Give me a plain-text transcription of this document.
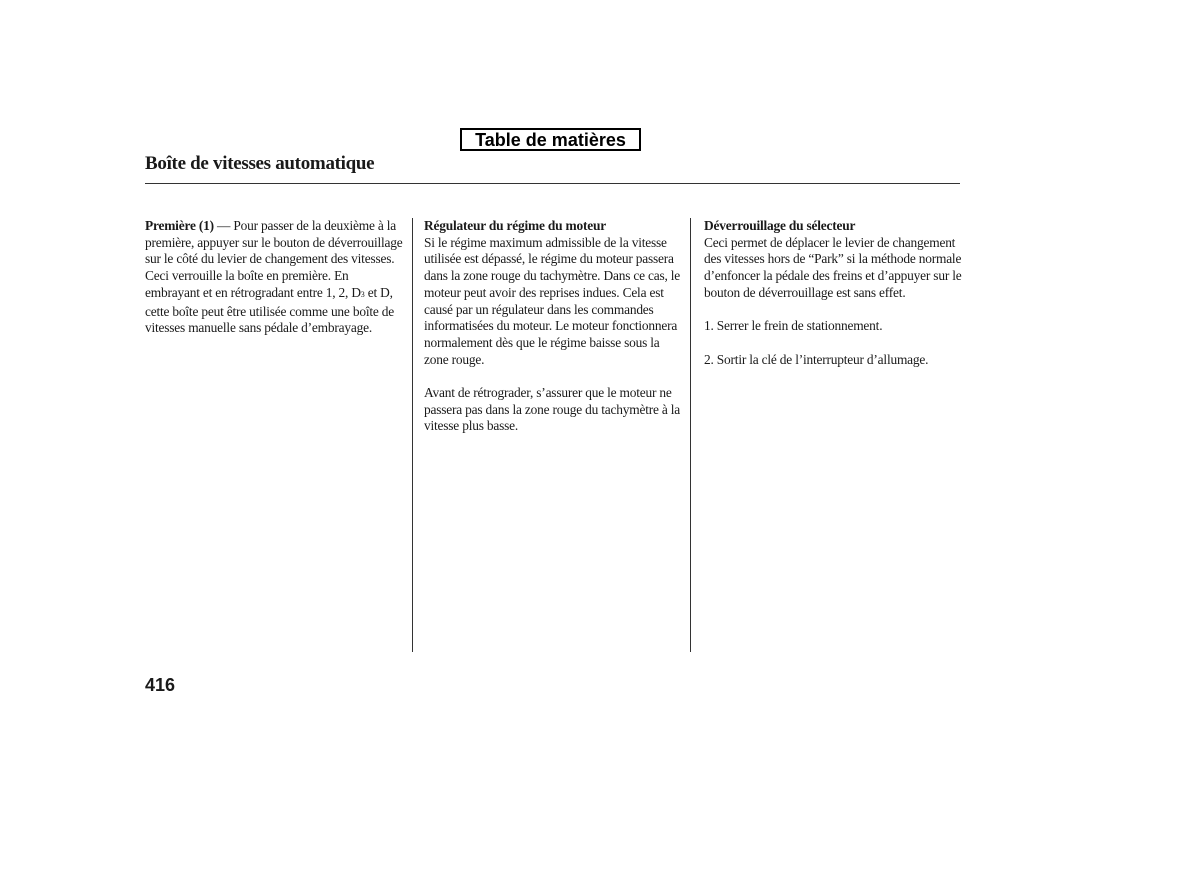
Table de matières
Boîte de vitesses automatique

Première (1) — Pour passer de la deuxième à la première, appuyer sur le bouton de déverrouillage sur le côté du levier de changement des vitesses. Ceci verrouille la boîte en première. En embrayant et en rétrogradant entre 1, 2, D3 et D, cette boîte peut être utilisée comme une boîte de vitesses manuelle sans pédale d’embrayage.

Régulateur du régime du moteur

Si le régime maximum admissible de la vitesse utilisée est dépassé, le régime du moteur passera dans la zone rouge du tachymètre. Dans ce cas, le moteur peut avoir des reprises indues. Cela est causé par un régulateur dans les commandes informatisées du moteur. Le moteur fonctionnera normalement dès que le régime baisse sous la zone rouge.

Avant de rétrograder, s’assurer que le moteur ne passera pas dans la zone rouge du tachymètre à la vitesse plus basse.

Déverrouillage du sélecteur

Ceci permet de déplacer le levier de changement des vitesses hors de “Park” si la méthode normale d’enfoncer la pédale des freins et d’appuyer sur le bouton de déverrouillage est sans effet.

1. Serrer le frein de stationnement.

2. Sortir la clé de l’interrupteur d’allumage.

416
